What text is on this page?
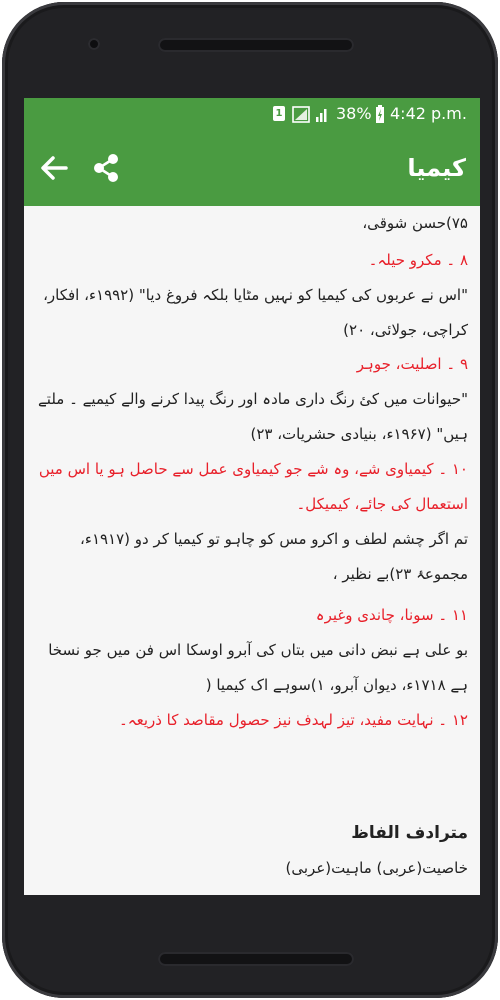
1	38% 4:42 p.m.
کیمیا
۷۵)حسن شوقی،
۸ ۔ مکرو حیلہ۔
"اس نے عربوں کی کیمیا کو نہیں مٹایا بلکہ فروغ دیا" (۱۹۹۲ء، افکار، کراچی، جولائی، ۲۰)
۹ ۔ اصلیت، جوہر
"حیوانات میں کئ رنگ داری مادہ اور رنگ پیدا کرنے والے کیمیے ۔ ملتے ہیں" (۱۹۶۷ء، بنیادی حشریات، ۲۳)
۱۰ ۔ کیمیاوی شے، وہ شے جو کیمیاوی عمل سے حاصل ہو یا اس میں استعمال کی جائے، کیمیکل۔
تم اگر چشم لطف و اکرو مس کو چاہو تو کیمیا کر دو (۱۹۱۷ء، مجموعۂ ۲۳)بے نظیر ،
۱۱ ۔ سونا، چاندی وغیرہ
بو علی ہے نبض دانی میں بتاں کی آبرو اوسکا اس فن میں جو نسخا ہے ۱۷۱۸ء، دیوان آبرو، ۱)سوہے اک کیمیا (
۱۲ ۔ نہایت مفید، تیز لہدف نیز حصول مقاصد کا ذریعہ۔
مترادف الفاظ
خاصیت(عربی) ماہیت(عربی)
